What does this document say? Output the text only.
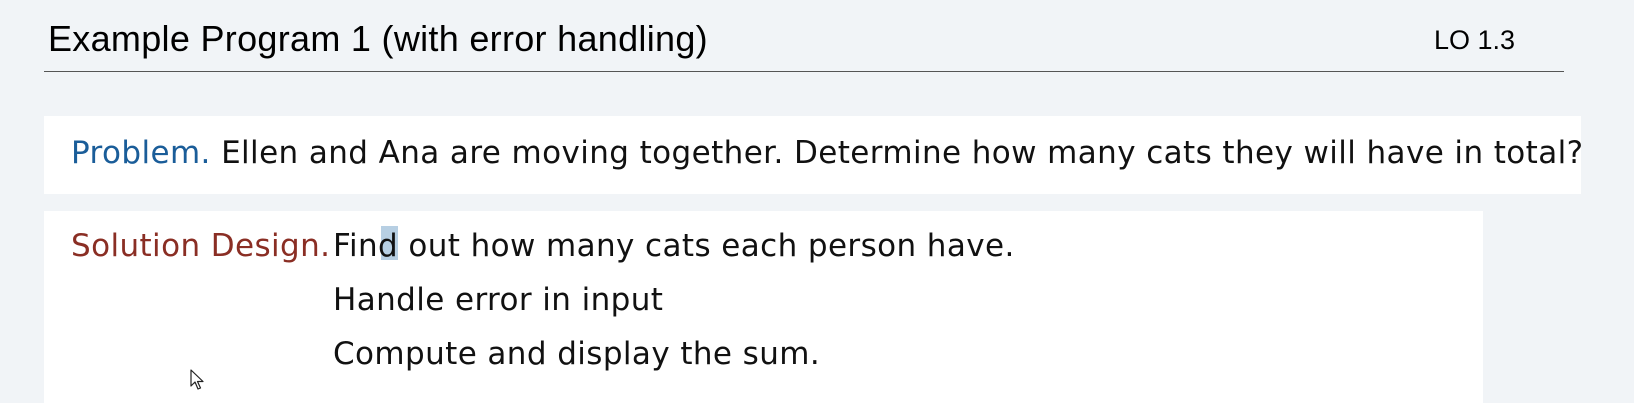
Example Program 1 (with error handling)	LO 1.3
Problem. Ellen and Ana are moving together. Determine how many cats they will have in total?
Solution Design. Find out how many cats each person have.
Handle error in input
Compute and display the sum.
